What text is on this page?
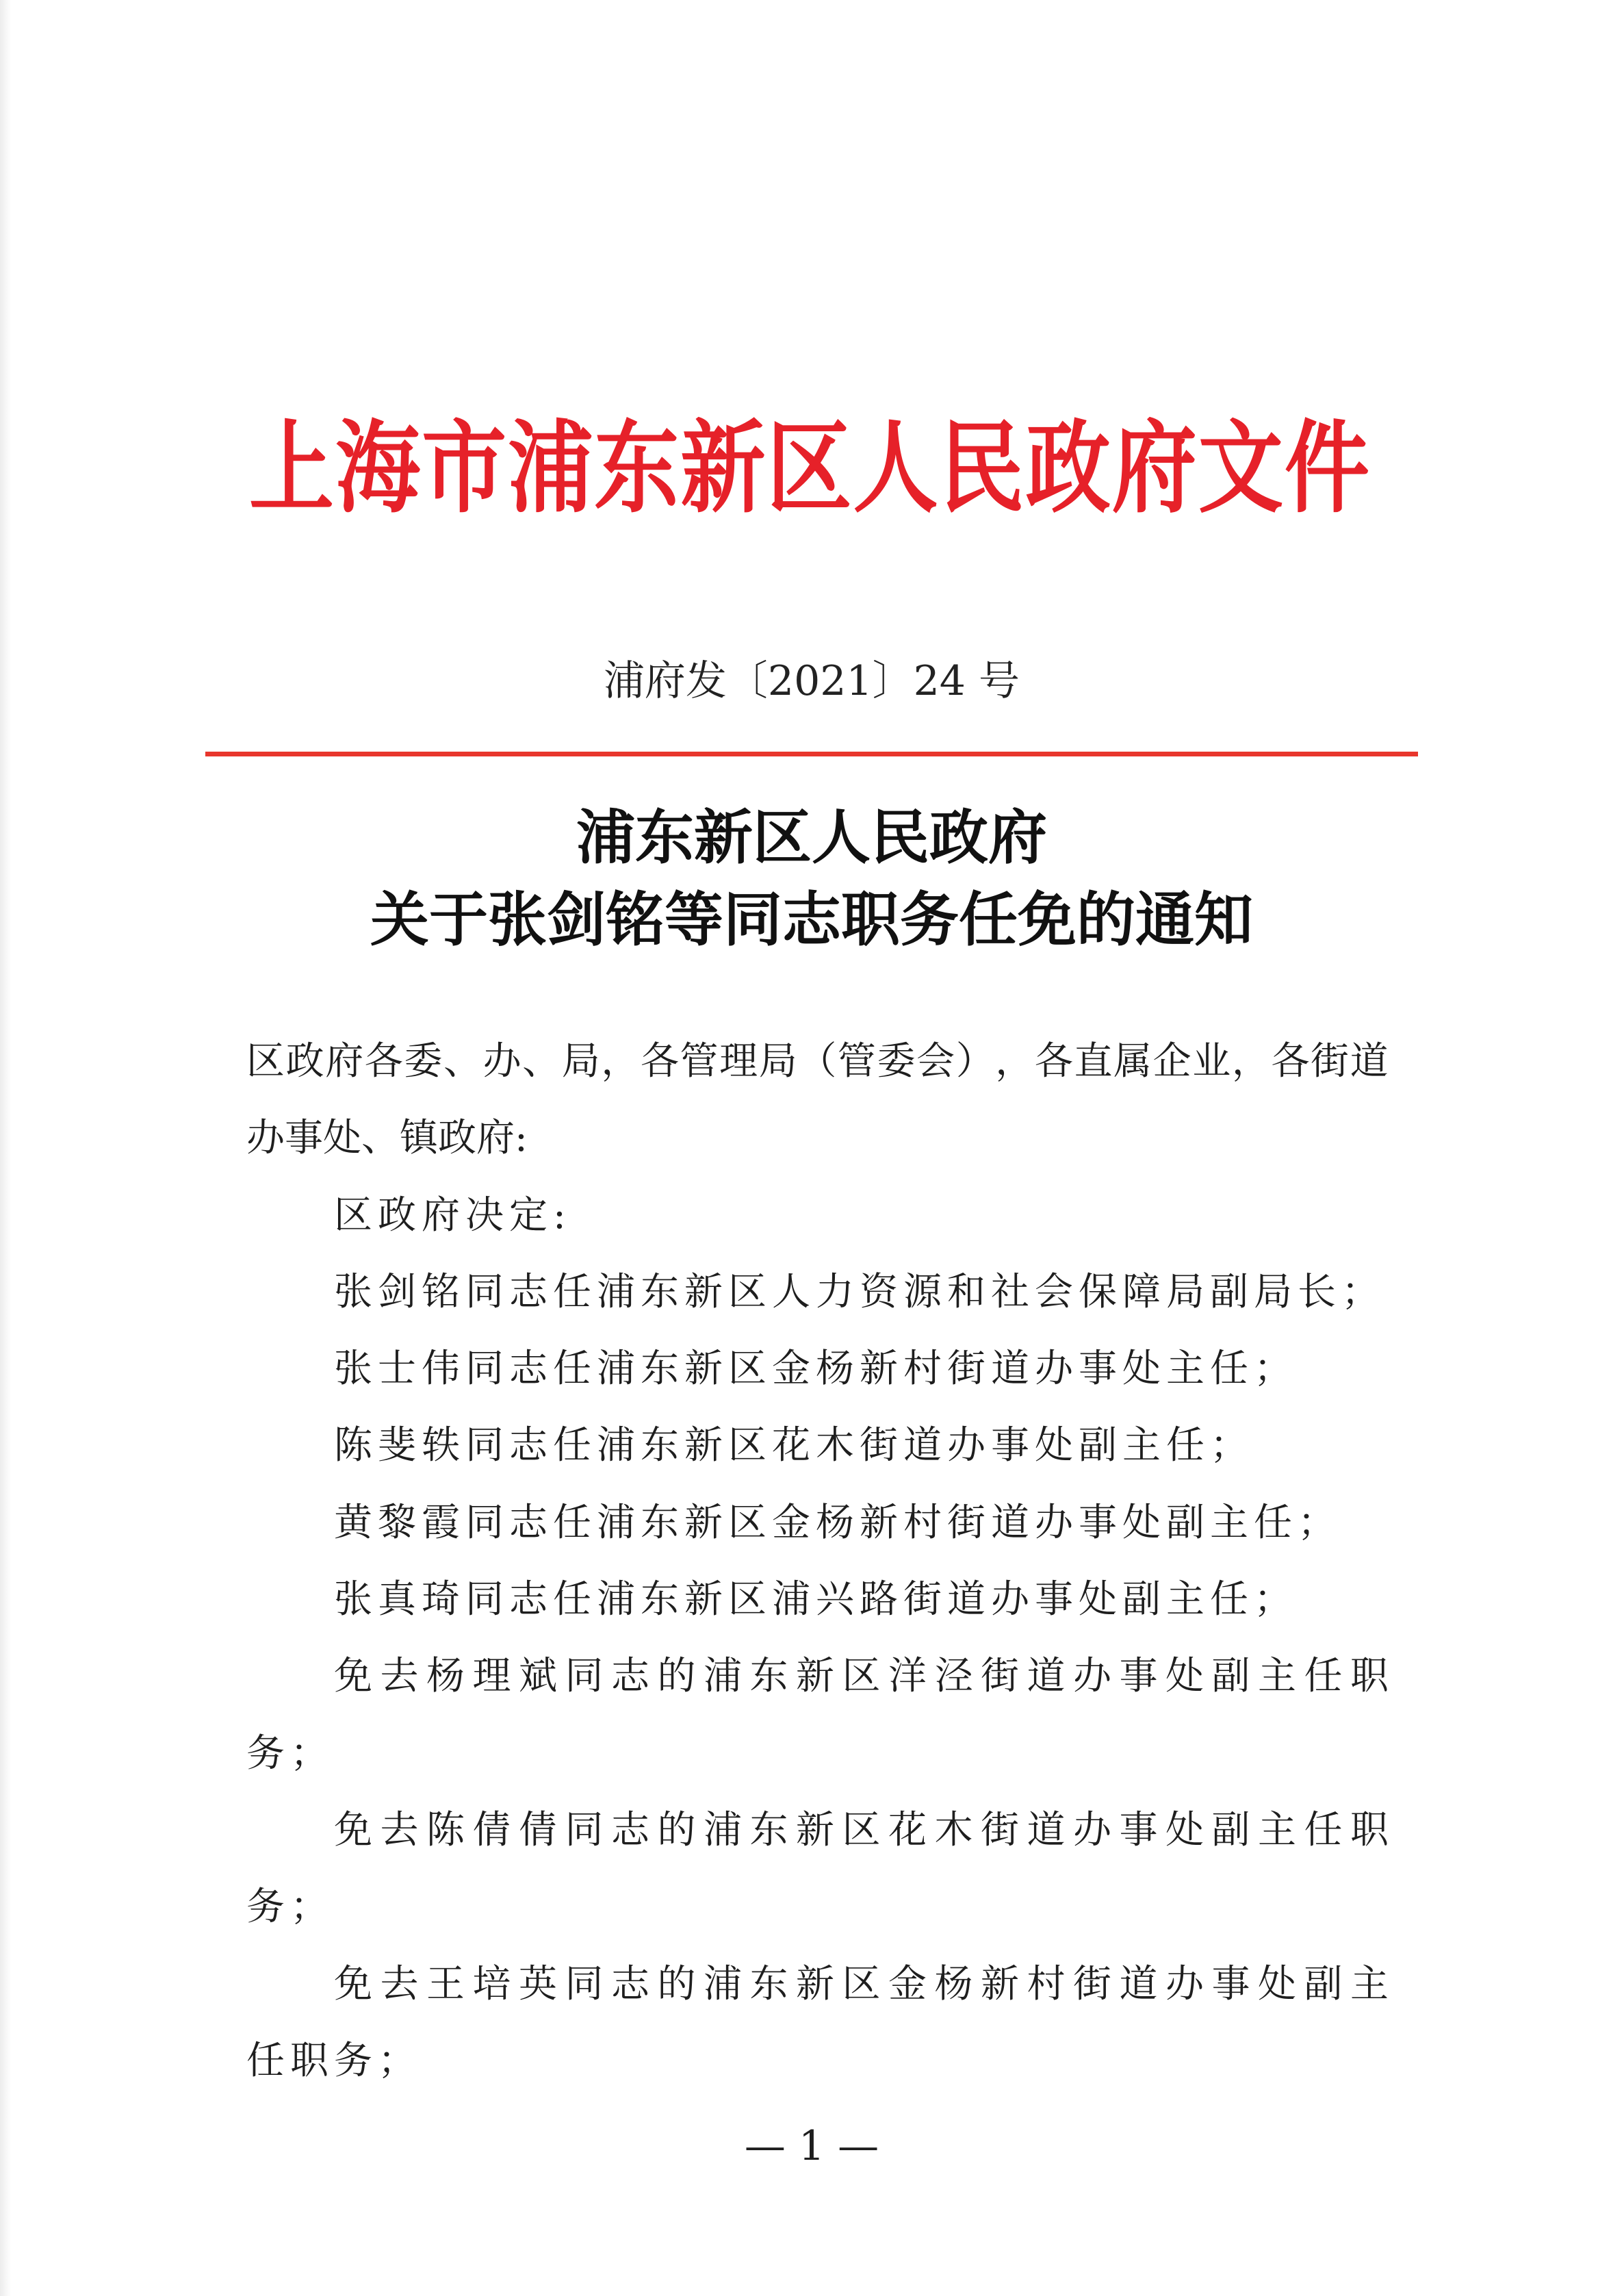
上 海 市 浦 东 新 区 人 民 政 府 文 件
浦府发〔2021〕24 号
浦东新区人民政府
关于张剑铭等同志职务任免的通知
区 政 府 各 委 、 办 、 局 ， 各 管 理 局 （ 管 委 会 ） ， 各 直 属 企 业 ， 各 街 道
办事处、镇政府:
区政府决定:
张剑铭同志任浦东新区人力资源和社会保障局副局长；
张士伟同志任浦东新区金杨新村街道办事处主任；
陈斐轶同志任浦东新区花木街道办事处副主任；
黄黎霞同志任浦东新区金杨新村街道办事处副主任；
张真琦同志任浦东新区浦兴路街道办事处副主任；
免 去 杨 理 斌 同 志 的 浦 东 新 区 洋 泾 街 道 办 事 处 副 主 任 职
务；
免 去 陈 倩 倩 同 志 的 浦 东 新 区 花 木 街 道 办 事 处 副 主 任 职
务；
免 去 王 培 英 同 志 的 浦 东 新 区 金 杨 新 村 街 道 办 事 处 副 主
任职务；
— 1 —
